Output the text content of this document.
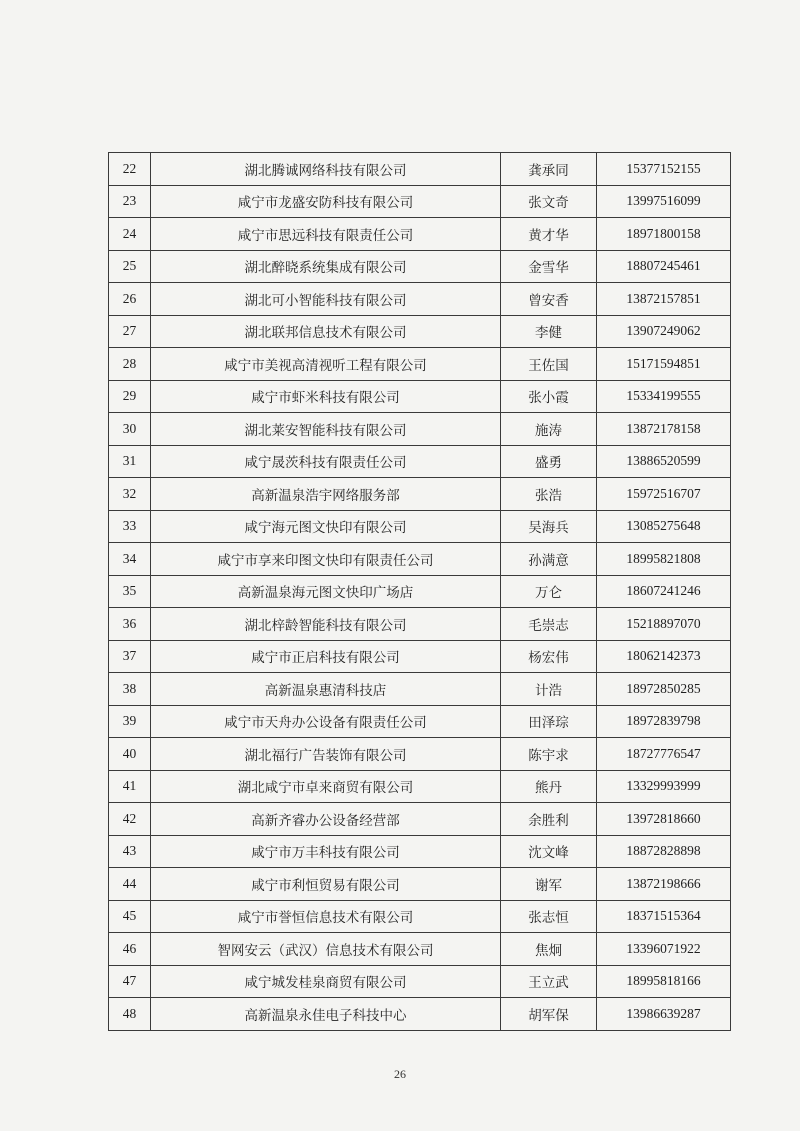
22	湖北腾诚网络科技有限公司	龚承同	15377152155
23	咸宁市龙盛安防科技有限公司	张文奇	13997516099
24	咸宁市思远科技有限责任公司	黄才华	18971800158
25	湖北醉晓系统集成有限公司	金雪华	18807245461
26	湖北可小智能科技有限公司	曾安香	13872157851
27	湖北联邦信息技术有限公司	李健	13907249062
28	咸宁市美视高清视听工程有限公司	王佐国	15171594851
29	咸宁市虾米科技有限公司	张小霞	15334199555
30	湖北莱安智能科技有限公司	施涛	13872178158
31	咸宁晟茨科技有限责任公司	盛勇	13886520599
32	高新温泉浩宇网络服务部	张浩	15972516707
33	咸宁海元图文快印有限公司	吴海兵	13085275648
34	咸宁市享来印图文快印有限责任公司	孙满意	18995821808
35	高新温泉海元图文快印广场店	万仑	18607241246
36	湖北梓龄智能科技有限公司	毛崇志	15218897070
37	咸宁市正启科技有限公司	杨宏伟	18062142373
38	高新温泉惠清科技店	计浩	18972850285
39	咸宁市天舟办公设备有限责任公司	田泽琮	18972839798
40	湖北福行广告装饰有限公司	陈宇求	18727776547
41	湖北咸宁市卓来商贸有限公司	熊丹	13329993999
42	高新齐睿办公设备经营部	余胜利	13972818660
43	咸宁市万丰科技有限公司	沈文峰	18872828898
44	咸宁市利恒贸易有限公司	谢军	13872198666
45	咸宁市誉恒信息技术有限公司	张志恒	18371515364
46	智网安云（武汉）信息技术有限公司	焦炯	13396071922
47	咸宁城发桂泉商贸有限公司	王立武	18995818166
48	高新温泉永佳电子科技中心	胡军保	13986639287
26
